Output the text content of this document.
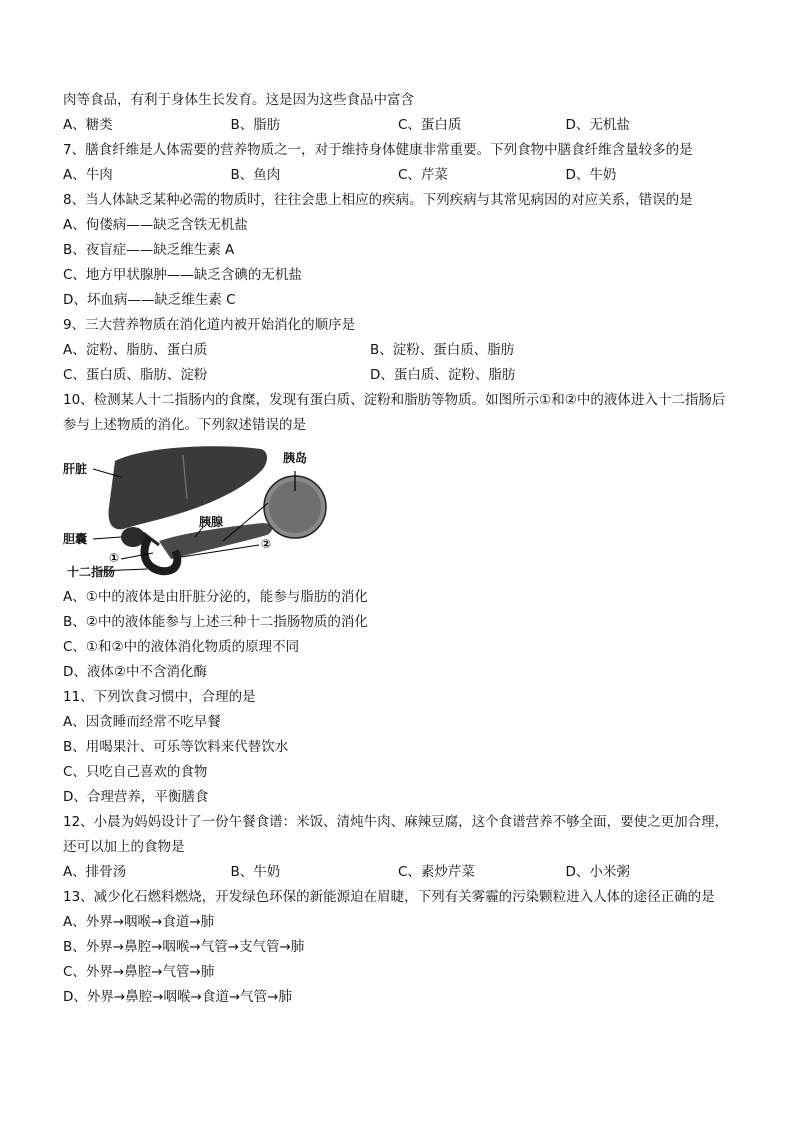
肉等食品，有利于身体生长发育。这是因为这些食品中富含
A、糖类	B、脂肪	C、蛋白质	D、无机盐
7、膳食纤维是人体需要的营养物质之一，对于维持身体健康非常重要。下列食物中膳食纤维含量较多的是
A、牛肉	B、鱼肉	C、芹菜	D、牛奶
8、当人体缺乏某种必需的物质时，往往会患上相应的疾病。下列疾病与其常见病因的对应关系，错误的是
A、佝偻病——缺乏含铁无机盐
B、夜盲症——缺乏维生素 A
C、地方甲状腺肿——缺乏含碘的无机盐
D、坏血病——缺乏维生素 C
9、三大营养物质在消化道内被开始消化的顺序是
A、淀粉、脂肪、蛋白质	B、淀粉、蛋白质、脂肪
C、蛋白质、脂肪、淀粉	D、蛋白质、淀粉、脂肪
10、检测某人十二指肠内的食糜，发现有蛋白质、淀粉和脂肪等物质。如图所示①和②中的液体进入十二指肠后参与上述物质的消化。下列叙述错误的是
肝脏
胆囊
胰腺
十二指肠
胰岛
①
②
A、①中的液体是由肝脏分泌的，能参与脂肪的消化
B、②中的液体能参与上述三种十二指肠物质的消化
C、①和②中的液体消化物质的原理不同
D、液体②中不含消化酶
11、下列饮食习惯中，合理的是
A、因贪睡而经常不吃早餐
B、用喝果汁、可乐等饮料来代替饮水
C、只吃自己喜欢的食物
D、合理营养，平衡膳食
12、小晨为妈妈设计了一份午餐食谱：米饭、清炖牛肉、麻辣豆腐，这个食谱营养不够全面，要使之更加合理，还可以加上的食物是
A、排骨汤	B、牛奶	C、素炒芹菜	D、小米粥
13、减少化石燃料燃烧，开发绿色环保的新能源迫在眉睫，下列有关雾霾的污染颗粒进入人体的途径正确的是
A、外界→咽喉→食道→肺
B、外界→鼻腔→咽喉→气管→支气管→肺
C、外界→鼻腔→气管→肺
D、外界→鼻腔→咽喉→食道→气管→肺
